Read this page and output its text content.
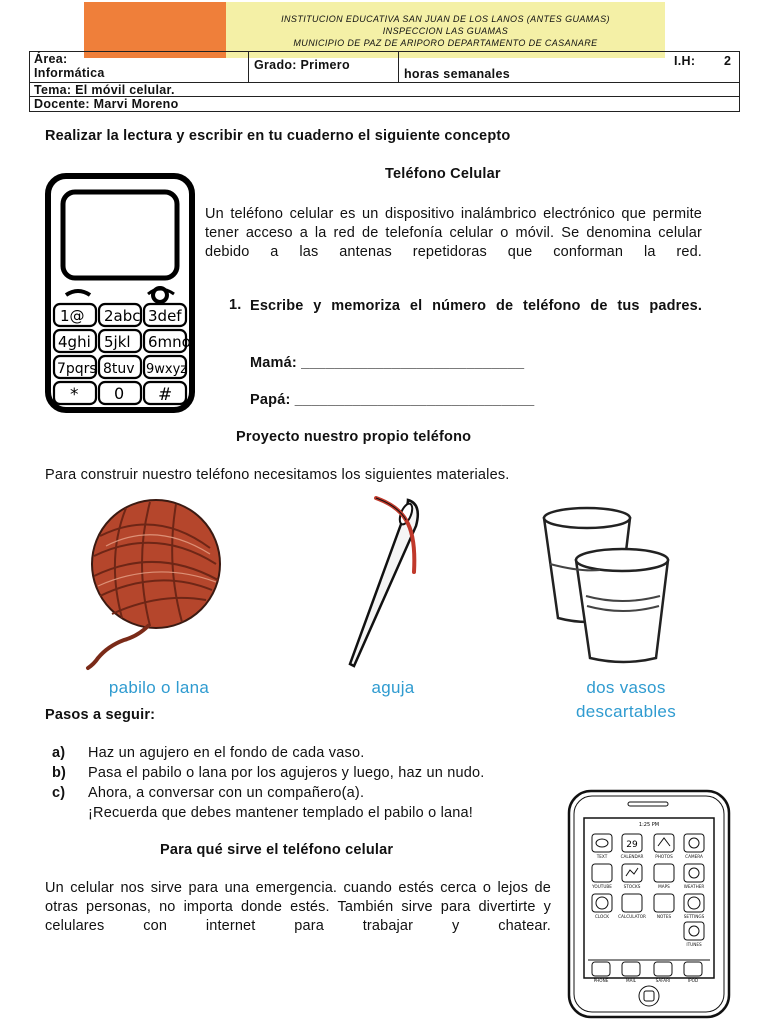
INSTITUCION EDUCATIVA SAN JUAN DE LOS LANOS (ANTES GUAMAS)
INSPECCION LAS GUAMAS
MUNICIPIO DE PAZ DE ARIPORO DEPARTAMENTO DE CASANARE
Área:
Informática
Grado: Primero
horas semanales
I.H: 2
Tema: El móvil celular.
Docente: Marvi Moreno
Realizar la lectura y escribir en tu cuaderno el siguiente concepto
1@ 2abc 3def
4ghi 5jkl 6mno
7pqrs 8tuv 9wxyz
* 0 #
Teléfono Celular
Un teléfono celular es un dispositivo inalámbrico electrónico que permite tener acceso a la red de telefonía celular o móvil. Se denomina celular debido a las antenas repetidoras que conforman la red.
1. Escribe y memoriza el número de teléfono de tus padres.
Mamá: ___________________________
Papá: _____________________________
Proyecto nuestro propio teléfono
Para construir nuestro teléfono necesitamos los siguientes materiales.
pabilo o lana	aguja	dos vasos
descartables
Pasos a seguir:
a) Haz un agujero en el fondo de cada vaso.
b) Pasa el pabilo o lana por los agujeros y luego, haz un nudo.
c) Ahora, a conversar con un compañero(a).
¡Recuerda que debes mantener templado el pabilo o lana!
Para qué sirve el teléfono celular
Un celular nos sirve para una emergencia. cuando estés cerca o lejos de otras personas, no importa donde estés. También sirve para divertirte y celulares con internet para trabajar y chatear.
1:25 PM
29
TEXT	CALENDAR	PHOTOS	CAMERA
YOUTUBE	STOCKS	MAPS	WEATHER
CLOCK CALCULATOR	NOTES	SETTINGS
ITUNES
PHONE	MAIL	SAFARI	IPOD
